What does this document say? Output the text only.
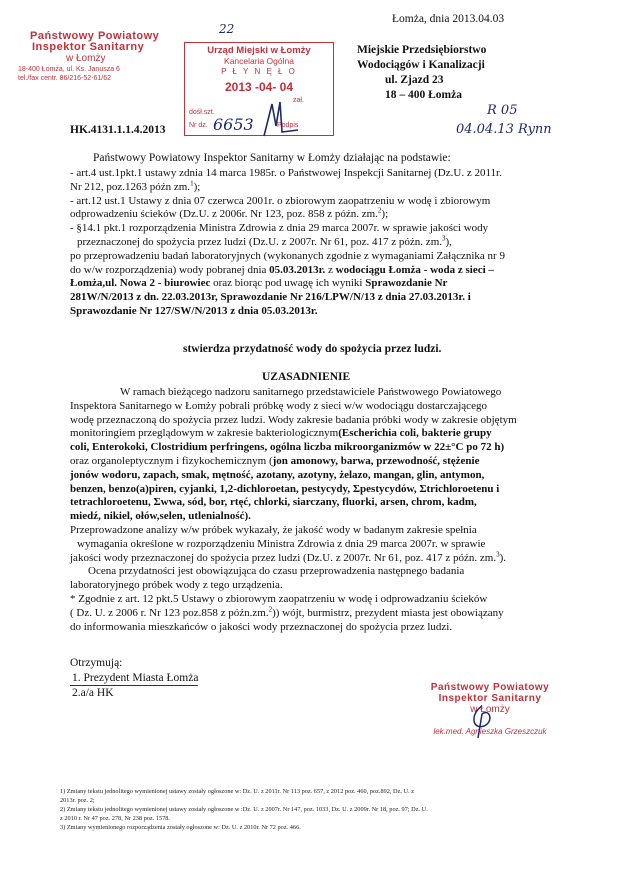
22
Łomża, dnia 2013.04.03
Państwowy Powiatowy
Inspektor Sanitarny
w Łomży
18-400 Łomża, ul. Ks. Janusza 6
tel./fax centr. 86/216-52-61/62
Urząd Miejski w Łomży
Kancelaria Ogólna
P Ł Y N Ę Ł O
2013 -04- 04
zał.
dośł.szt.
Nr dz. 6653	Podpis
Miejskie Przedsiębiorstwo
Wodociągów i Kanalizacji
ul. Zjazd 23
18 – 400 Łomża
HK.4131.1.1.4.2013
R 05
04.04.13 Rynn
Państwowy Powiatowy Inspektor Sanitarny w Łomży działając na podstawie:
- art.4 ust.1pkt.1 ustawy zdnia 14 marca 1985r. o Państwowej Inspekcji Sanitarnej (Dz.U. z 2011r.
Nr 212, poz.1263 późn zm.$^1$);
- art.12 ust.1 Ustawy z dnia 07 czerwca 2001r. o zbiorowym zaopatrzeniu w wodę i zbiorowym
odprowadzeniu ścieków (Dz.U. z 2006r. Nr 123, poz. 858 z późn. zm.$^2$);
- §14.1 pkt.1 rozporządzenia Ministra Zdrowia z dnia 29 marca 2007r. w sprawie jakości wody
przeznaczonej do spożycia przez ludzi (Dz.U. z 2007r. Nr 61, poz. 417 z późn. zm.$^3$),
po przeprowadzeniu badań laboratoryjnych (wykonanych zgodnie z wymaganiami Załącznika nr 9
do w/w rozporządzenia) wody pobranej dnia 05.03.2013r. z wodociągu Łomża - woda z sieci –
Łomża,ul. Nowa 2 - biurowiec oraz biorąc pod uwagę ich wyniki Sprawozdanie Nr
281W/N/2013 z dn. 22.03.2013r, Sprawozdanie Nr 216/LPW/N/13 z dnia 27.03.2013r. i
Sprawozdanie Nr 127/SW/N/2013 z dnia 05.03.2013r.
stwierdza przydatność wody do spożycia przez ludzi.
UZASADNIENIE
W ramach bieżącego nadzoru sanitarnego przedstawiciele Państwowego Powiatowego
Inspektora Sanitarnego w Łomży pobrali próbkę wody z sieci w/w wodociągu dostarczającego
wodę przeznaczoną do spożycia przez ludzi. Wody zakresie badania próbki wody w zakresie objętym
monitoringiem przeglądowym w zakresie bakteriologicznym(Escherichia coli, bakterie grupy
coli, Enterokoki, Clostridium perfringens, ogólna liczba mikroorganizmów w 22±°C po 72 h)
oraz organoleptycznym i fizykochemicznym (jon amonowy, barwa, przewodność, stężenie
jonów wodoru, zapach, smak, mętność, azotany, azotyny, żelazo, mangan, glin, antymon,
benzen, benzo(a)piren, cyjanki, 1,2-dichloroetan, pestycydy, Σpestycydów, Σtrichloroetenu i
tetrachloroetenu, Σwwa, sód, bor, rtęć, chlorki, siarczany, fluorki, arsen, chrom, kadm,
miedź, nikiel, ołów,selen, utlenialność).
Przeprowadzone analizy w/w próbek wykazały, że jakość wody w badanym zakresie spełnia
wymagania określone w rozporządzeniu Ministra Zdrowia z dnia 29 marca 2007r. w sprawie
jakości wody przeznaczonej do spożycia przez ludzi (Dz.U. z 2007r. Nr 61, poz. 417 z późn. zm.$^3$).
Ocena przydatności jest obowiązująca do czasu przeprowadzenia następnego badania
laboratoryjnego próbek wody z tego urządzenia.
* Zgodnie z art. 12 pkt.5 Ustawy o zbiorowym zaopatrzeniu w wodę i odprowadzaniu ścieków
( Dz. U. z 2006 r. Nr 123 poz.858 z późn.zm.$^2$)) wójt, burmistrz, prezydent miasta jest obowiązany
do informowania mieszkańców o jakości wody przeznaczonej do spożycia przez ludzi.
Otrzymują:
1. Prezydent Miasta Łomża
2.a/a HK	Państwowy Powiatowy
Inspektor Sanitarny
w Łomży
lek.med. Agnieszka Grzeszczuk
1) Zmiany tekstu jednolitego wymienionej ustawy zostały ogłoszone w: Dz. U. z 2011r. Nr 113 poz. 657, z 2012 poz. 460, poz.892, Dz. U. z
2013r. poz. 2;
2) Zmiany tekstu jednolitego wymienionej ustawy zostały ogłoszone w :Dz. U. z 2007r. Nr 147, poz. 1033, Dz. U. z 2009r. Nr 18, poz. 97; Dz. U.
z 2010 r. Nr 47 poz. 278, Nr 238 poz. 1578.
3) Zmiany wymienionego rozporządzenia zostały ogłoszone w: Dz. U. z 2010r. Nr 72 poz. 466.
